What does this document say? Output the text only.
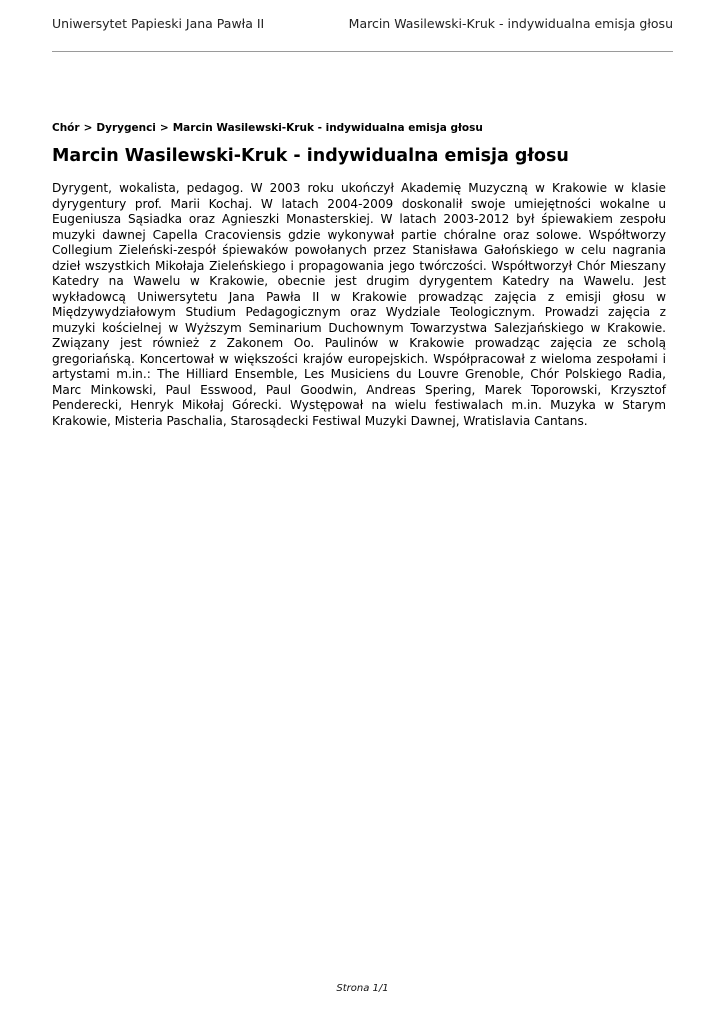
Uniwersytet Papieski Jana Pawła II	Marcin Wasilewski-Kruk - indywidualna emisja głosu
Chór > Dyrygenci > Marcin Wasilewski-Kruk - indywidualna emisja głosu
Marcin Wasilewski-Kruk - indywidualna emisja głosu

Dyrygent, wokalista, pedagog. W 2003 roku ukończył Akademię Muzyczną w Krakowie w klasie dyrygentury prof. Marii Kochaj. W latach 2004-2009 doskonalił swoje umiejętności wokalne u Eugeniusza Sąsiadka oraz Agnieszki Monasterskiej. W latach 2003-2012 był śpiewakiem zespołu muzyki dawnej Capella Cracoviensis gdzie wykonywał partie chóralne oraz solowe. Współtworzy Collegium Zieleński-zespół śpiewaków powołanych przez Stanisława Gałońskiego w celu nagrania dzieł wszystkich Mikołaja Zieleńskiego i propagowania jego twórczości. Współtworzył Chór Mieszany Katedry na Wawelu w Krakowie, obecnie jest drugim dyrygentem Katedry na Wawelu. Jest wykładowcą Uniwersytetu Jana Pawła II w Krakowie prowadząc zajęcia z emisji głosu w Międzywydziałowym Studium Pedagogicznym oraz Wydziale Teologicznym. Prowadzi zajęcia z muzyki kościelnej w Wyższym Seminarium Duchownym Towarzystwa Salezjańskiego w Krakowie. Związany jest również z Zakonem Oo. Paulinów w Krakowie prowadząc zajęcia ze scholą gregoriańską. Koncertował w większości krajów europejskich. Współpracował z wieloma zespołami i artystami m.in.: The Hilliard Ensemble, Les Musiciens du Louvre Grenoble, Chór Polskiego Radia, Marc Minkowski, Paul Esswood, Paul Goodwin, Andreas Spering, Marek Toporowski, Krzysztof Penderecki, Henryk Mikołaj Górecki. Występował na wielu festiwalach m.in. Muzyka w Starym Krakowie, Misteria Paschalia, Starosądecki Festiwal Muzyki Dawnej, Wratislavia Cantans.

Strona 1/1
